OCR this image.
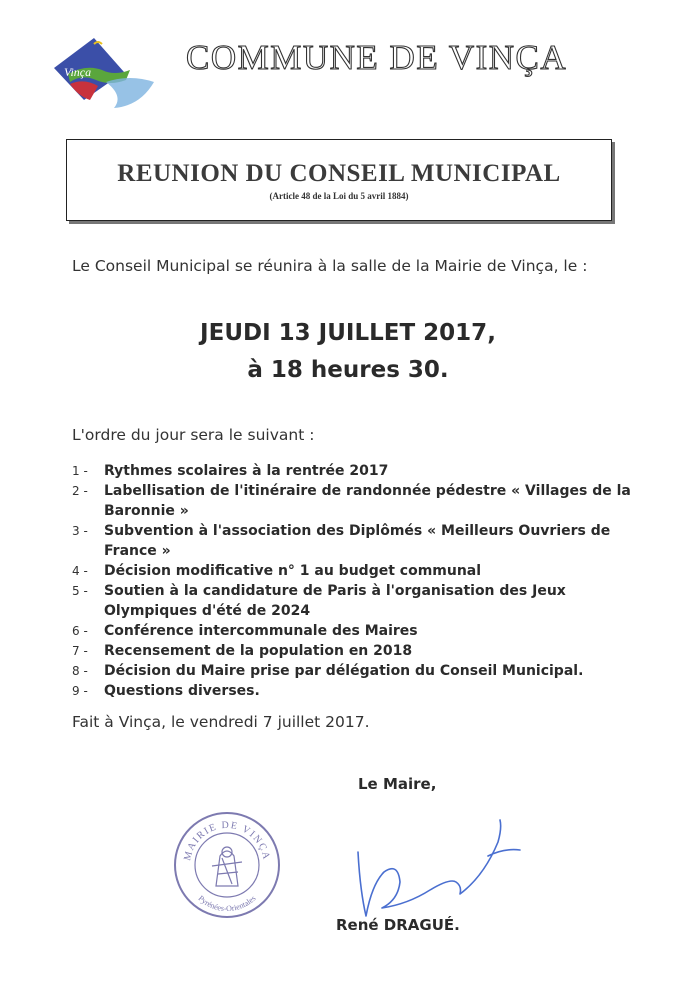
Vinça	COMMUNE DE VINÇA
REUNION DU CONSEIL MUNICIPAL
(Article 48 de la Loi du 5 avril 1884)
Le Conseil Municipal se réunira à la salle de la Mairie de Vinça, le :
JEUDI 13 JUILLET 2017,
à 18 heures 30.
L'ordre du jour sera le suivant :
1 -	Rythmes scolaires à la rentrée 2017
2 -	Labellisation de l'itinéraire de randonnée pédestre « Villages de la Baronnie »
3 -	Subvention à l'association des Diplômés « Meilleurs Ouvriers de France »
4 -	Décision modificative n° 1 au budget communal
5 -	Soutien à la candidature de Paris à l'organisation des Jeux Olympiques d'été de 2024
6 -	Conférence intercommunale des Maires
7 -	Recensement de la population en 2018
8 -	Décision du Maire prise par délégation du Conseil Municipal.
9 -	Questions diverses.
Fait à Vinça, le vendredi 7 juillet 2017.
Le Maire,
MAIRIE DE VINÇA
Pyrénées-Orientales
René DRAGUÉ.
